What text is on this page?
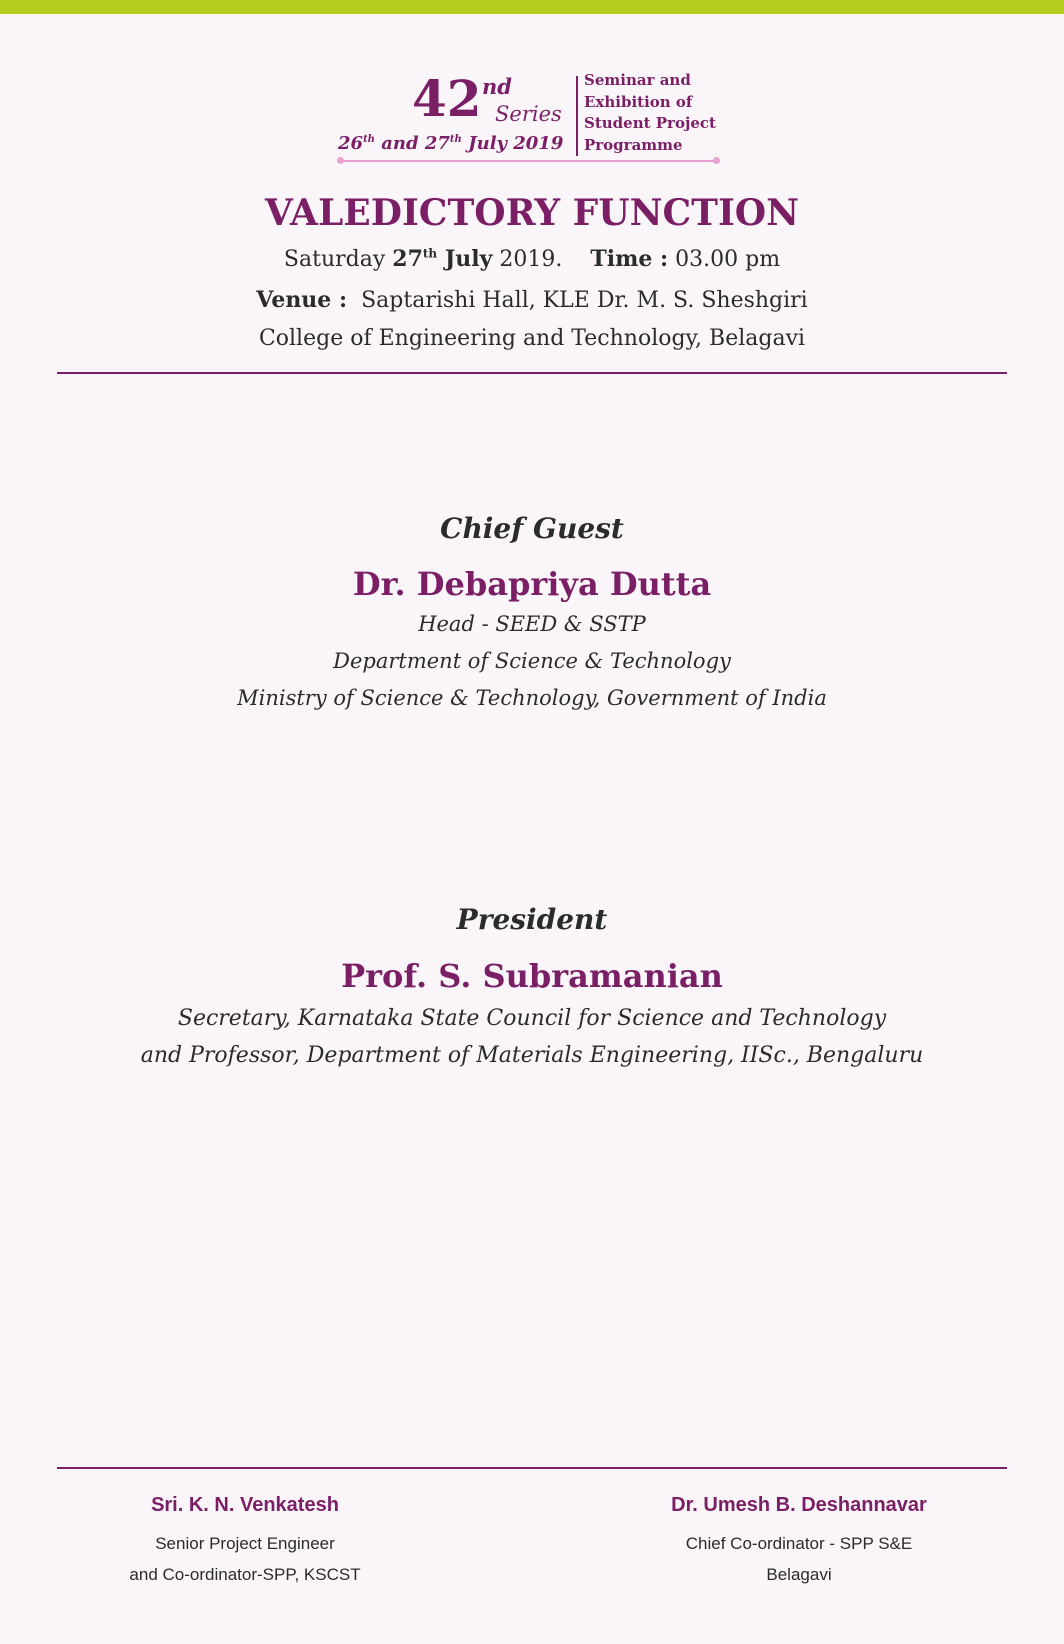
42 nd
Series
26th and 27th July 2019
Seminar and
Exhibition of
Student Project
Programme
VALEDICTORY FUNCTION
Saturday 27th July 2019. Time : 03.00 pm
Venue : Saptarishi Hall, KLE Dr. M. S. Sheshgiri
College of Engineering and Technology, Belagavi
Chief Guest
Dr. Debapriya Dutta
Head - SEED & SSTP
Department of Science & Technology
Ministry of Science & Technology, Government of India
President
Prof. S. Subramanian
Secretary, Karnataka State Council for Science and Technology
and Professor, Department of Materials Engineering, IISc., Bengaluru
Sri. K. N. Venkatesh
Senior Project Engineer
and Co-ordinator-SPP, KSCST
Dr. Umesh B. Deshannavar
Chief Co-ordinator - SPP S&E
Belagavi
